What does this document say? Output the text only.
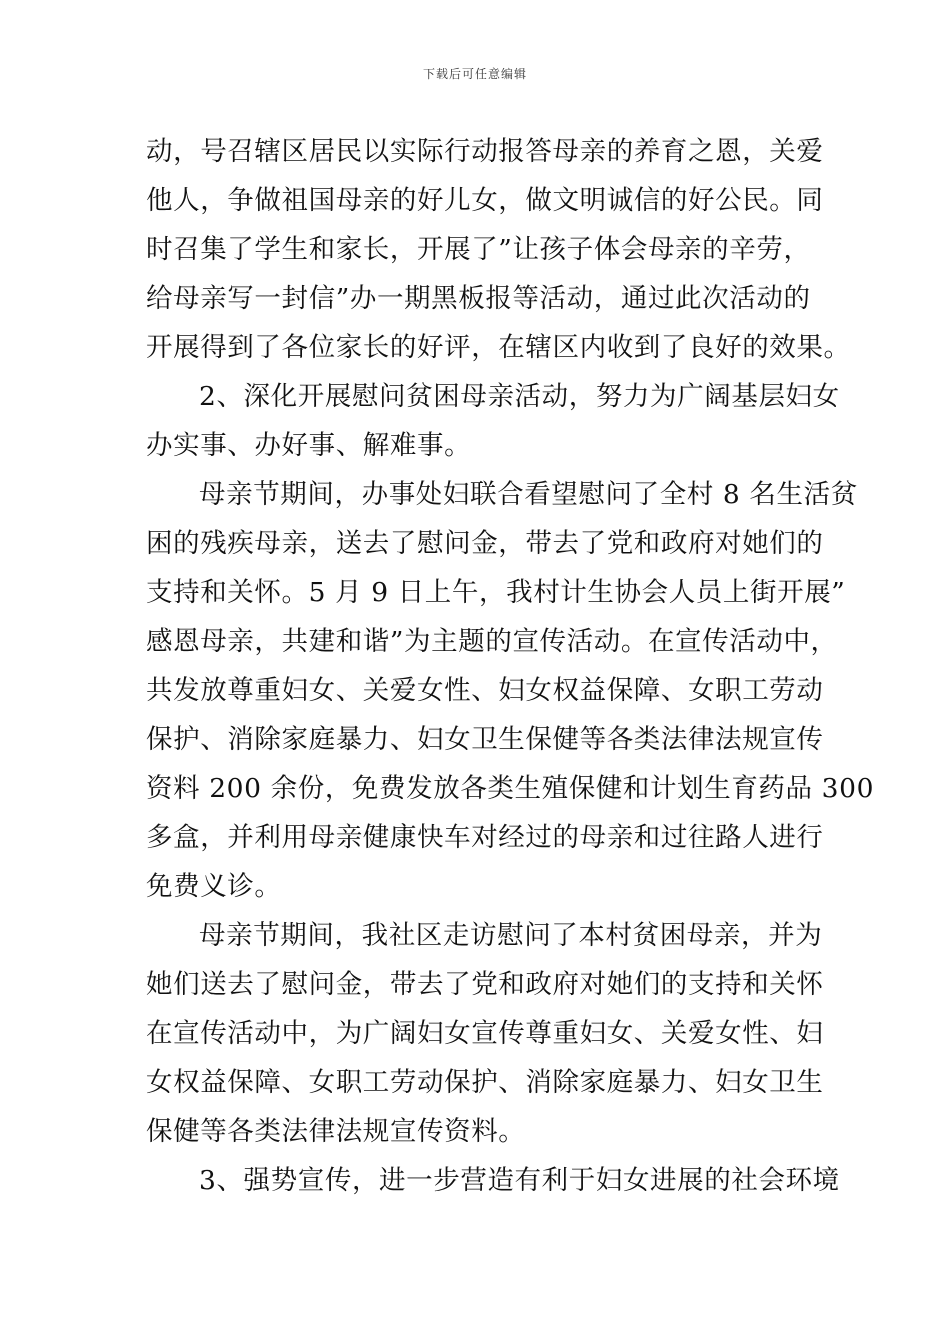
下载后可任意编辑
动，号召辖区居民以实际行动报答母亲的养育之恩，关爱
他人，争做祖国母亲的好儿女，做文明诚信的好公民。同
时召集了学生和家长，开展了”让孩子体会母亲的辛劳，
给母亲写一封信”办一期黑板报等活动，通过此次活动的
开展得到了各位家长的好评，在辖区内收到了良好的效果。
2、深化开展慰问贫困母亲活动，努力为广阔基层妇女
办实事、办好事、解难事。
母亲节期间，办事处妇联合看望慰问了全村 8 名生活贫
困的残疾母亲，送去了慰问金，带去了党和政府对她们的
支持和关怀。5 月 9 日上午，我村计生协会人员上街开展”
感恩母亲，共建和谐”为主题的宣传活动。在宣传活动中，
共发放尊重妇女、关爱女性、妇女权益保障、女职工劳动
保护、消除家庭暴力、妇女卫生保健等各类法律法规宣传
资料 200 余份，免费发放各类生殖保健和计划生育药品 300
多盒，并利用母亲健康快车对经过的母亲和过往路人进行
免费义诊。
母亲节期间，我社区走访慰问了本村贫困母亲，并为
她们送去了慰问金，带去了党和政府对她们的支持和关怀
在宣传活动中，为广阔妇女宣传尊重妇女、关爱女性、妇
女权益保障、女职工劳动保护、消除家庭暴力、妇女卫生
保健等各类法律法规宣传资料。
3、强势宣传，进一步营造有利于妇女进展的社会环境
